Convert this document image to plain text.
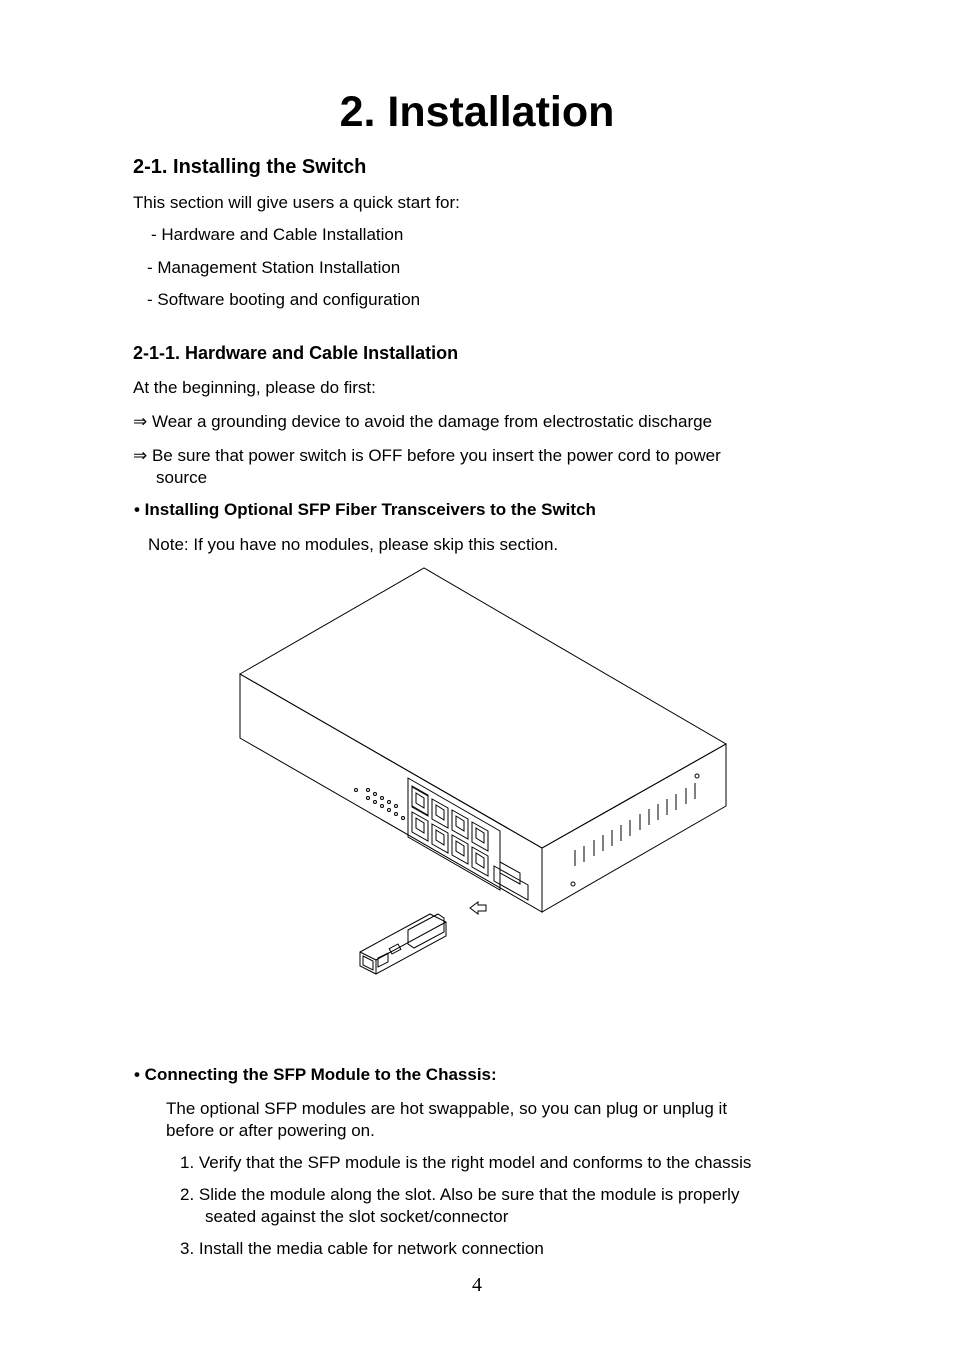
2. Installation
2-1. Installing the Switch
This section will give users a quick start for:
- Hardware and Cable Installation
- Management Station Installation
- Software booting and configuration
2-1-1. Hardware and Cable Installation
At the beginning, please do first:
⇒ Wear a grounding device to avoid the damage from electrostatic discharge
⇒ Be sure that power switch is OFF before you insert the power cord to power
source
• Installing Optional SFP Fiber Transceivers to the Switch
Note: If you have no modules, please skip this section.
• Connecting the SFP Module to the Chassis:
The optional SFP modules are hot swappable, so you can plug or unplug it
before or after powering on.
1. Verify that the SFP module is the right model and conforms to the chassis
2. Slide the module along the slot. Also be sure that the module is properly
seated against the slot socket/connector
3. Install the media cable for network connection
4
